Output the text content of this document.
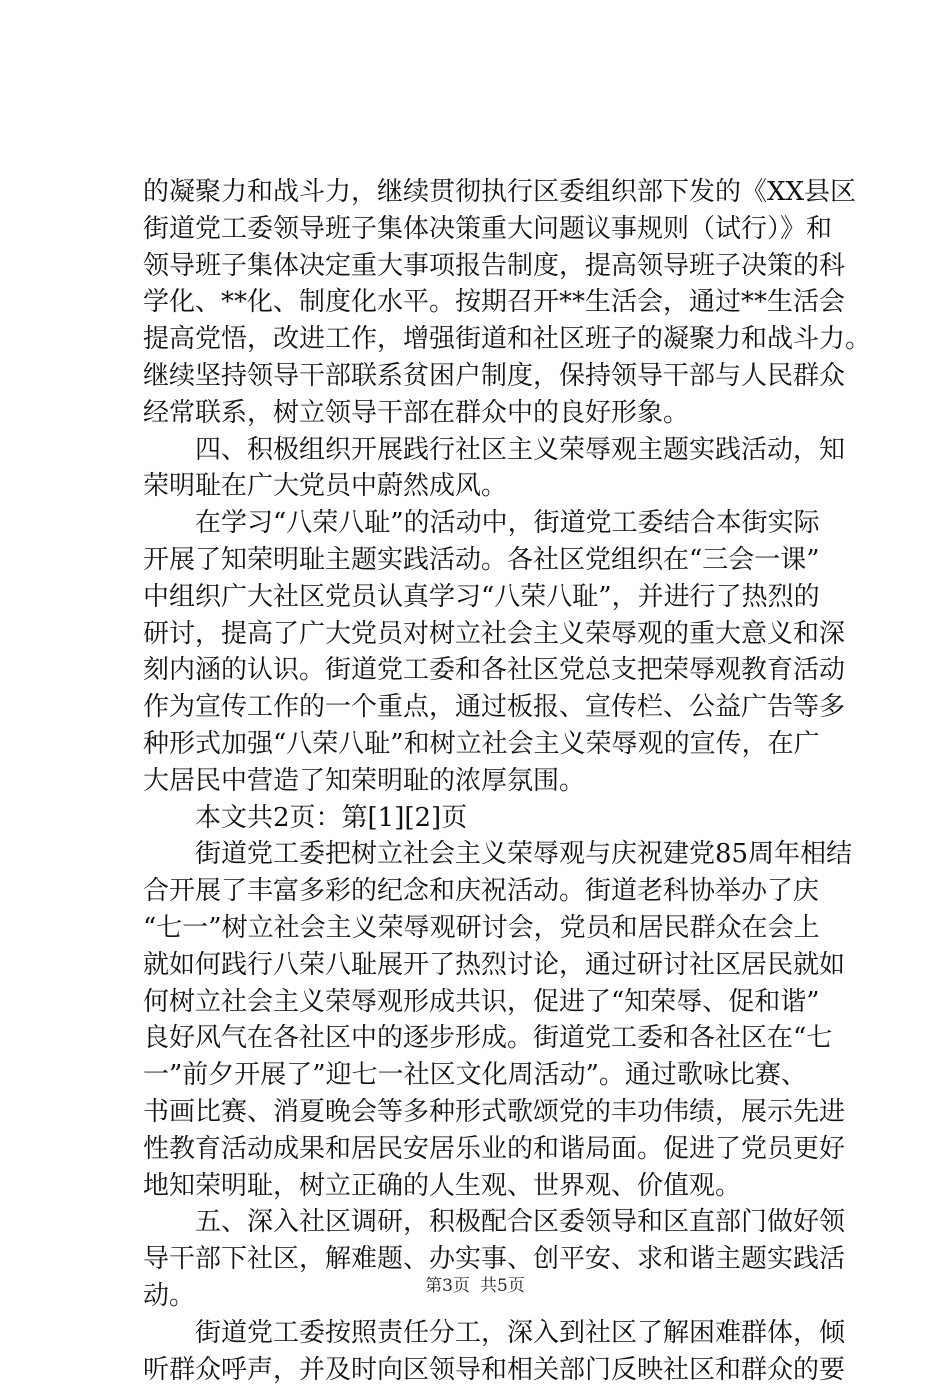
的凝聚力和战斗力，继续贯彻执行区委组织部下发的《XX县区
街道党工委领导班子集体决策重大问题议事规则（试行）》和
领导班子集体决定重大事项报告制度，提高领导班子决策的科
学化、**化、制度化水平。按期召开**生活会，通过**生活会
提高党悟，改进工作，增强街道和社区班子的凝聚力和战斗力。
继续坚持领导干部联系贫困户制度，保持领导干部与人民群众
经常联系，树立领导干部在群众中的良好形象。
四、积极组织开展践行社区主义荣辱观主题实践活动，知
荣明耻在广大党员中蔚然成风。
在学习“八荣八耻”的活动中，街道党工委结合本街实际
开展了知荣明耻主题实践活动。各社区党组织在“三会一课”
中组织广大社区党员认真学习“八荣八耻”，并进行了热烈的
研讨，提高了广大党员对树立社会主义荣辱观的重大意义和深
刻内涵的认识。街道党工委和各社区党总支把荣辱观教育活动
作为宣传工作的一个重点，通过板报、宣传栏、公益广告等多
种形式加强“八荣八耻”和树立社会主义荣辱观的宣传，在广
大居民中营造了知荣明耻的浓厚氛围。
本文共2页：第[1][2]页
街道党工委把树立社会主义荣辱观与庆祝建党85周年相结
合开展了丰富多彩的纪念和庆祝活动。街道老科协举办了庆
“七一”树立社会主义荣辱观研讨会，党员和居民群众在会上
就如何践行八荣八耻展开了热烈讨论，通过研讨社区居民就如
何树立社会主义荣辱观形成共识，促进了“知荣辱、促和谐”
良好风气在各社区中的逐步形成。街道党工委和各社区在“七
一”前夕开展了”迎七一社区文化周活动”。通过歌咏比赛、
书画比赛、消夏晚会等多种形式歌颂党的丰功伟绩，展示先进
性教育活动成果和居民安居乐业的和谐局面。促进了党员更好
地知荣明耻，树立正确的人生观、世界观、价值观。
五、深入社区调研，积极配合区委领导和区直部门做好领
导干部下社区，解难题、办实事、创平安、求和谐主题实践活
动。
街道党工委按照责任分工，深入到社区了解困难群体，倾
听群众呼声，并及时向区领导和相关部门反映社区和群众的要
第3页 共5页
